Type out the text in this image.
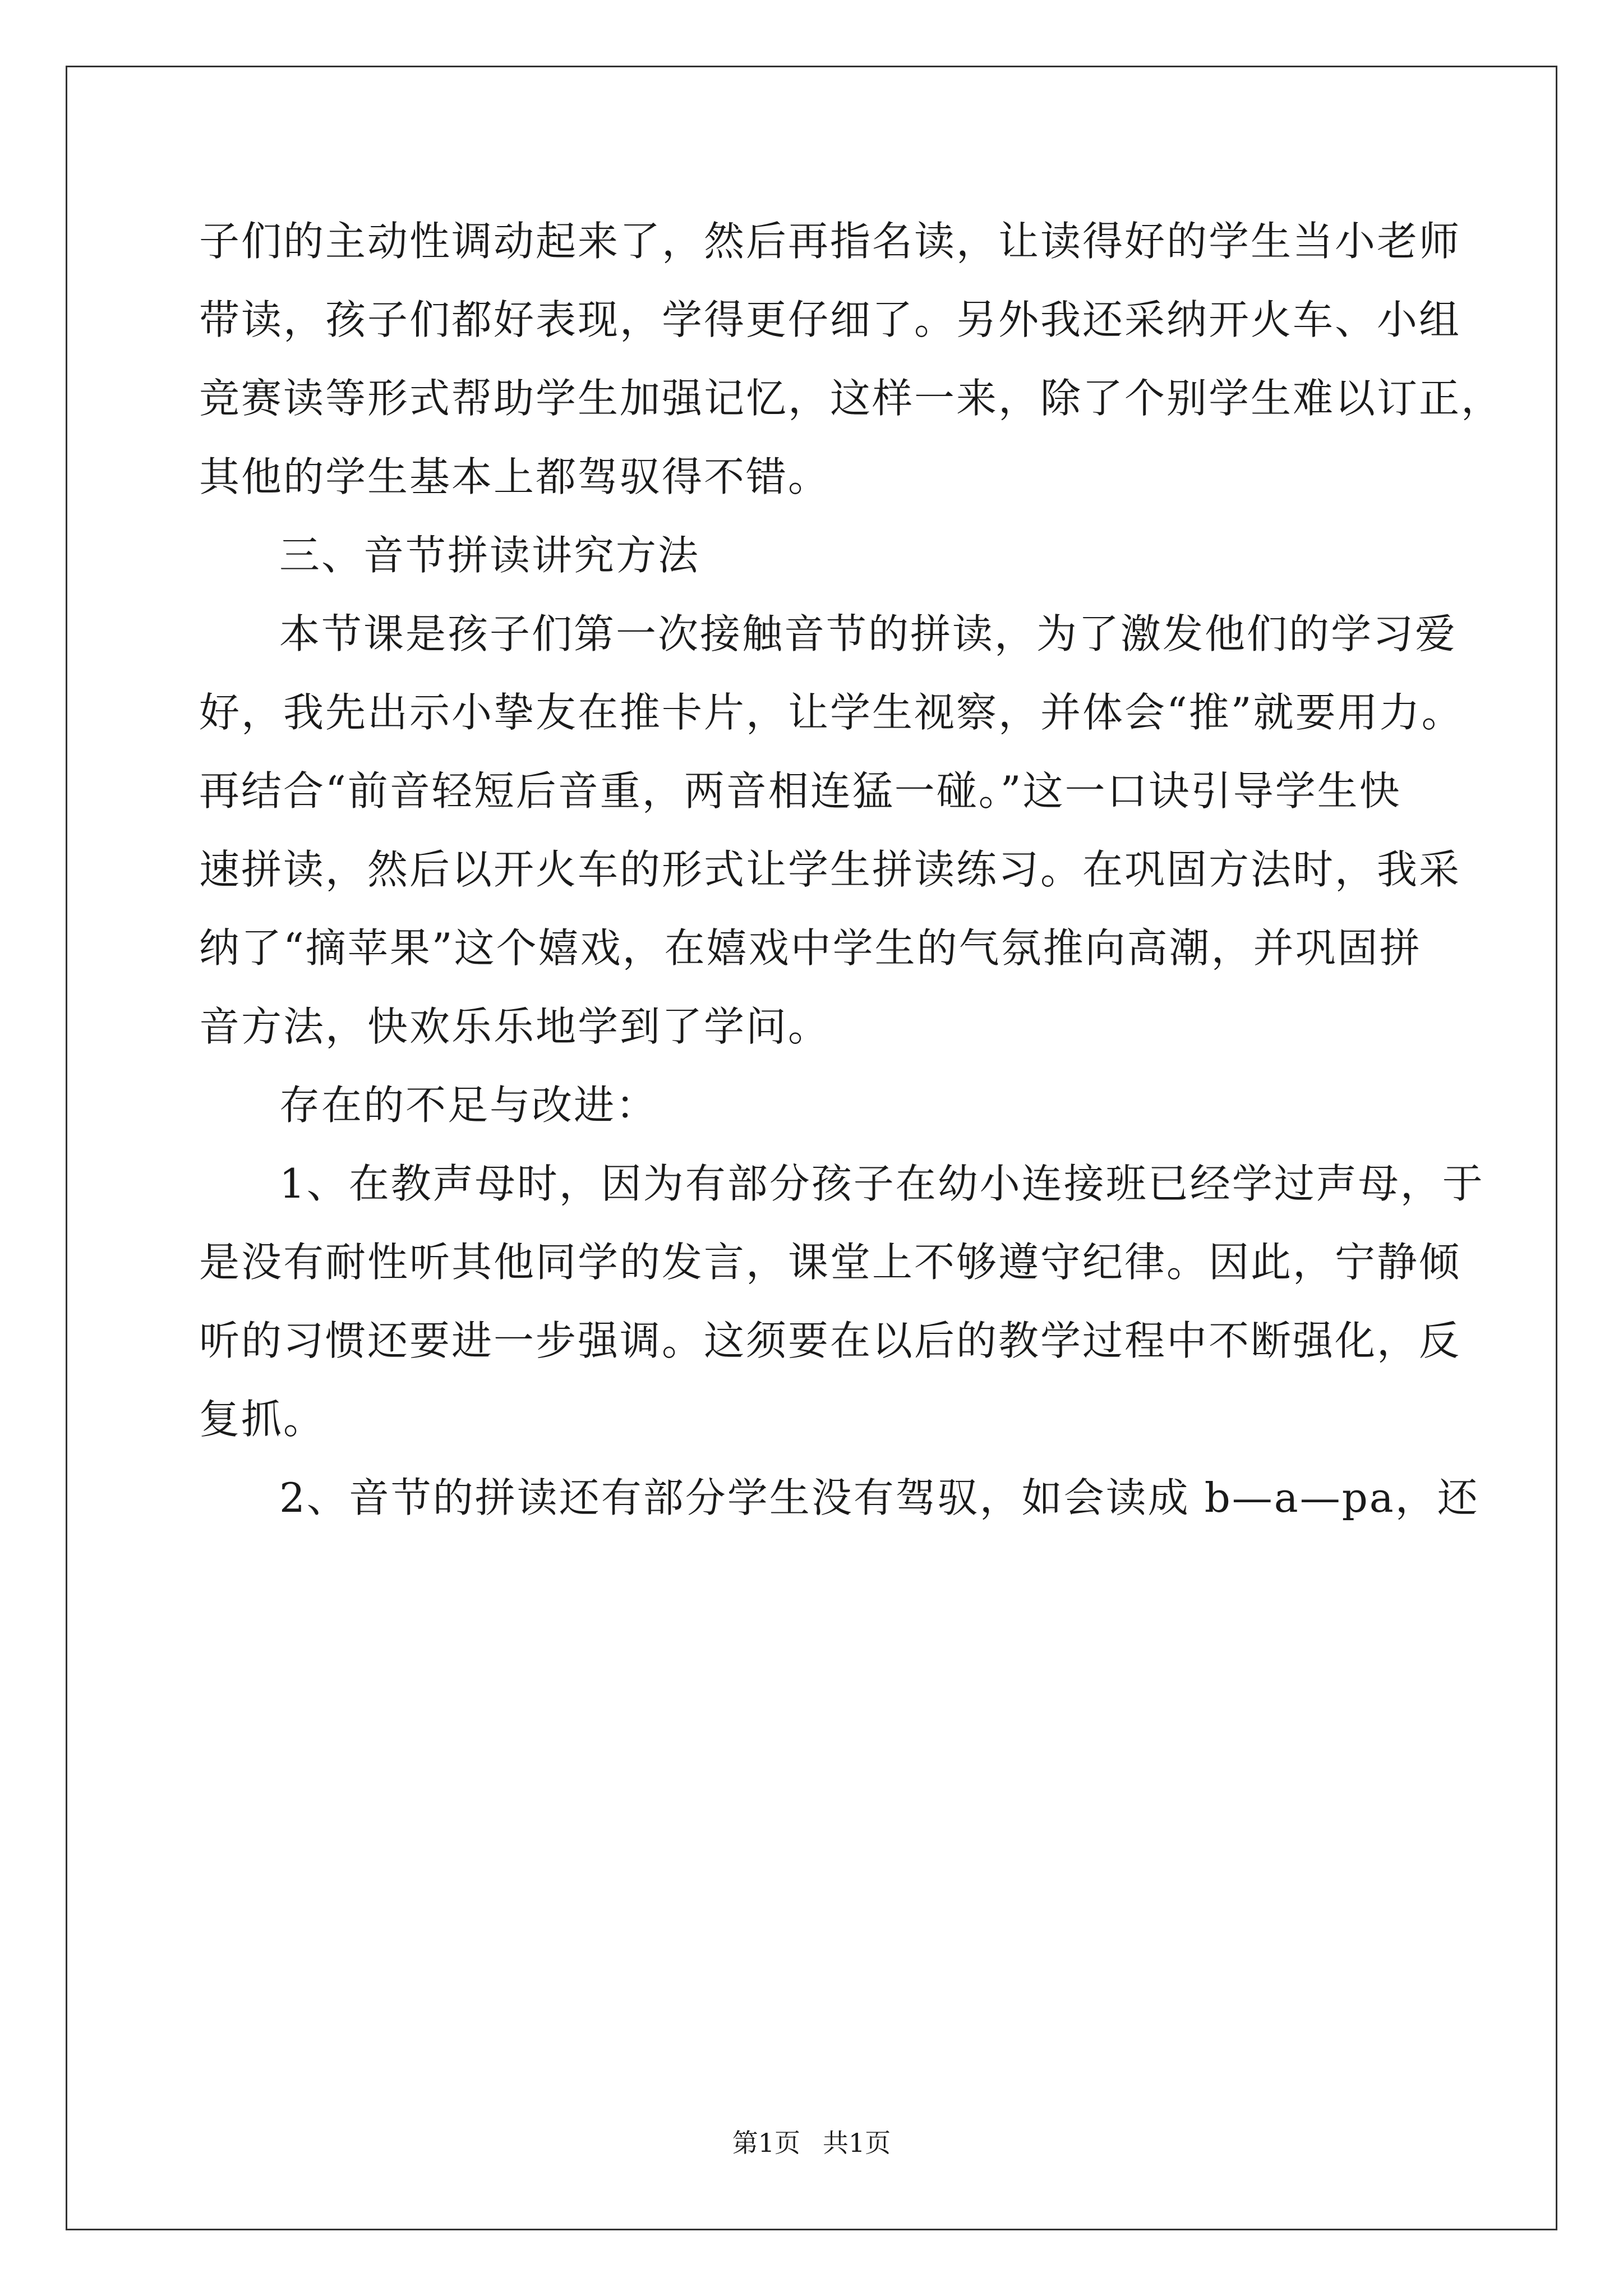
子们的主动性调动起来了，然后再指名读，让读得好的学生当小老师
带读，孩子们都好表现，学得更仔细了。另外我还采纳开火车、小组
竞赛读等形式帮助学生加强记忆，这样一来，除了个别学生难以订正，
其他的学生基本上都驾驭得不错。
三、音节拼读讲究方法
本节课是孩子们第一次接触音节的拼读，为了激发他们的学习爱
好，我先出示小挚友在推卡片，让学生视察，并体会“推”就要用力。
再结合“前音轻短后音重，两音相连猛一碰。”这一口诀引导学生快
速拼读，然后以开火车的形式让学生拼读练习。在巩固方法时，我采
纳了“摘苹果”这个嬉戏，在嬉戏中学生的气氛推向高潮，并巩固拼
音方法，快欢乐乐地学到了学问。
存在的不足与改进：
1、在教声母时，因为有部分孩子在幼小连接班已经学过声母，于
是没有耐性听其他同学的发言，课堂上不够遵守纪律。因此，宁静倾
听的习惯还要进一步强调。这须要在以后的教学过程中不断强化，反
复抓。
2、音节的拼读还有部分学生没有驾驭，如会读成 b—a—pa，还
第1页 共1页
